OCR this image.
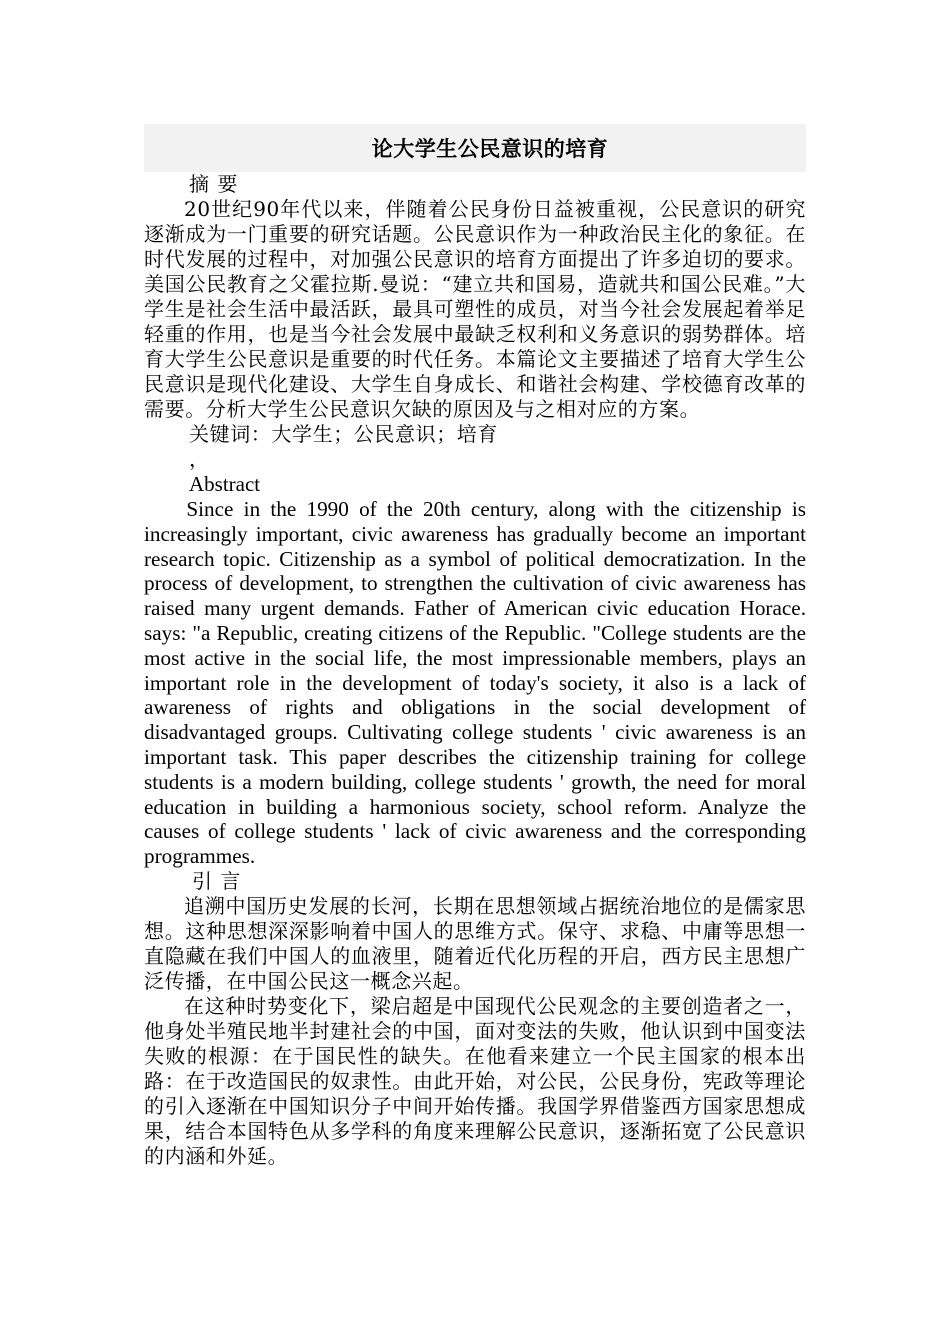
论大学生公民意识的培育
摘 要

20世纪90年代以来，伴随着公民身份日益被重视，公民意识的研究逐渐成为一门重要的研究话题。公民意识作为一种政治民主化的象征。在时代发展的过程中，对加强公民意识的培育方面提出了许多迫切的要求。美国公民教育之父霍拉斯.曼说：“建立共和国易，造就共和国公民难。”大学生是社会生活中最活跃，最具可塑性的成员，对当今社会发展起着举足轻重的作用，也是当今社会发展中最缺乏权利和义务意识的弱势群体。培育大学生公民意识是重要的时代任务。本篇论文主要描述了培育大学生公民意识是现代化建设、大学生自身成长、和谐社会构建、学校德育改革的需要。分析大学生公民意识欠缺的原因及与之相对应的方案。

关键词：大学生；公民意识；培育
，
Abstract

Since in the 1990 of the 20th century, along with the citizenship is increasingly important, civic awareness has gradually become an important research topic. Citizenship as a symbol of political democratization. In the process of development, to strengthen the cultivation of civic awareness has raised many urgent demands. Father of American civic education Horace. says: "a Republic, creating citizens of the Republic. "College students are the most active in the social life, the most impressionable members, plays an important role in the development of today's society, it also is a lack of awareness of rights and obligations in the social development of disadvantaged groups. Cultivating college students ' civic awareness is an important task. This paper describes the citizenship training for college students is a modern building, college students ' growth, the need for moral education in building a harmonious society, school reform. Analyze the causes of college students ' lack of civic awareness and the corresponding programmes.

引 言

追溯中国历史发展的长河，长期在思想领域占据统治地位的是儒家思想。这种思想深深影响着中国人的思维方式。保守、求稳、中庸等思想一直隐藏在我们中国人的血液里，随着近代化历程的开启，西方民主思想广泛传播，在中国公民这一概念兴起。

在这种时势变化下，梁启超是中国现代公民观念的主要创造者之一，他身处半殖民地半封建社会的中国，面对变法的失败，他认识到中国变法失败的根源：在于国民性的缺失。在他看来建立一个民主国家的根本出路：在于改造国民的奴隶性。由此开始，对公民，公民身份，宪政等理论的引入逐渐在中国知识分子中间开始传播。我国学界借鉴西方国家思想成果，结合本国特色从多学科的角度来理解公民意识，逐渐拓宽了公民意识的内涵和外延。
